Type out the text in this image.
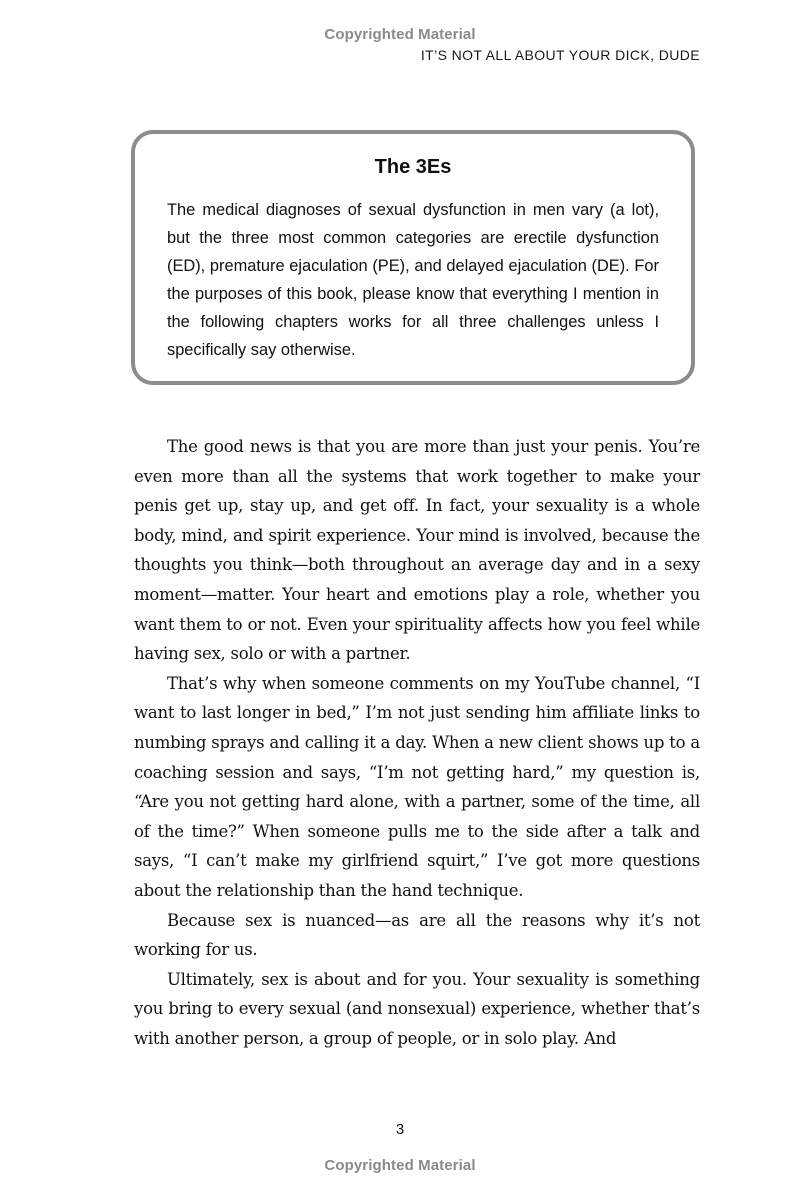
Copyrighted Material
IT’S NOT ALL ABOUT YOUR DICK, DUDE
The 3Es

The medical diagnoses of sexual dysfunction in men vary (a lot), but the three most common categories are erectile dysfunction (ED), premature ejaculation (PE), and delayed ejaculation (DE). For the purposes of this book, please know that everything I mention in the following chapters works for all three challenges unless I specifically say otherwise.

The good news is that you are more than just your penis. You’re even more than all the systems that work together to make your penis get up, stay up, and get off. In fact, your sexuality is a whole body, mind, and spirit experience. Your mind is involved, because the thoughts you think—both throughout an average day and in a sexy moment—matter. Your heart and emotions play a role, whether you want them to or not. Even your spirituality affects how you feel while having sex, solo or with a partner.

That’s why when someone comments on my YouTube channel, “I want to last longer in bed,” I’m not just sending him affiliate links to numbing sprays and calling it a day. When a new client shows up to a coaching session and says, “I’m not getting hard,” my question is, “Are you not getting hard alone, with a partner, some of the time, all of the time?” When someone pulls me to the side after a talk and says, “I can’t make my girlfriend squirt,” I’ve got more questions about the relationship than the hand technique.

Because sex is nuanced—as are all the reasons why it’s not working for us.

Ultimately, sex is about and for you. Your sexuality is something you bring to every sexual (and nonsexual) experience, whether that’s with another person, a group of people, or in solo play. And

3
Copyrighted Material
